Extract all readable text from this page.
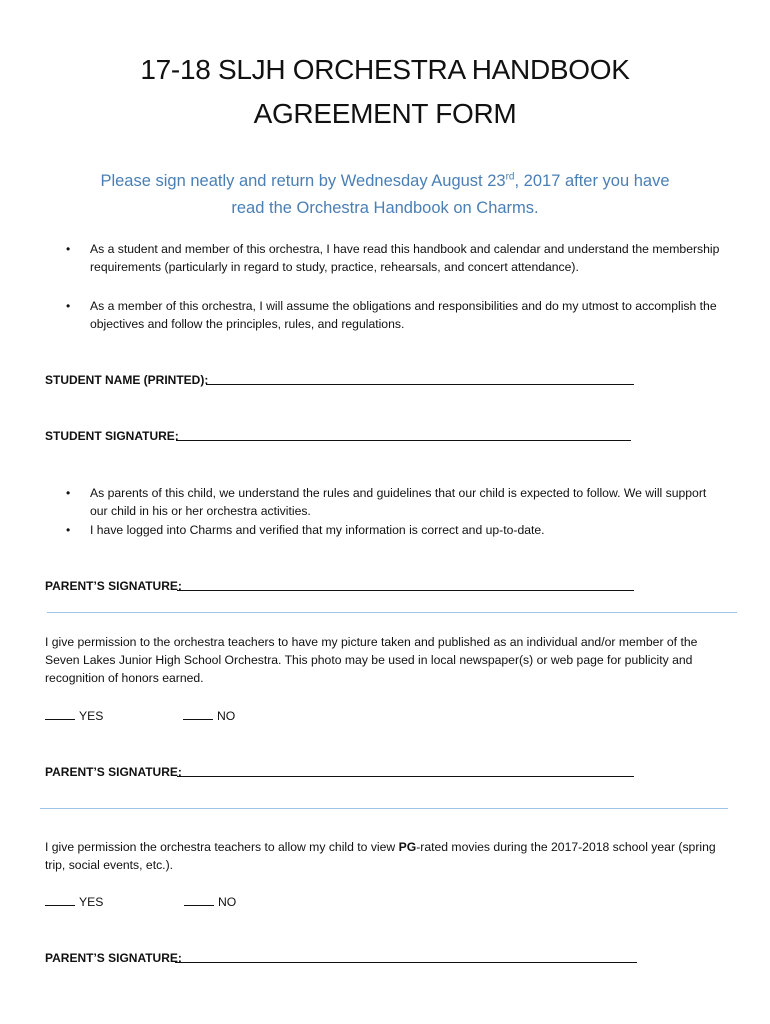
17-18 SLJH ORCHESTRA HANDBOOK
AGREEMENT FORM
Please sign neatly and return by Wednesday August 23rd, 2017 after you have
read the Orchestra Handbook on Charms.
• As a student and member of this orchestra, I have read this handbook and calendar and understand the membership requirements (particularly in regard to study, practice, rehearsals, and concert attendance).
• As a member of this orchestra, I will assume the obligations and responsibilities and do my utmost to accomplish the objectives and follow the principles, rules, and regulations.
STUDENT NAME (PRINTED):
STUDENT SIGNATURE:
• As parents of this child, we understand the rules and guidelines that our child is expected to follow. We will support our child in his or her orchestra activities.
• I have logged into Charms and verified that my information is correct and up-to-date.
PARENT’S SIGNATURE:
I give permission to the orchestra teachers to have my picture taken and published as an individual and/or member of the Seven Lakes Junior High School Orchestra. This photo may be used in local newspaper(s) or web page for publicity and recognition of honors earned.
YES	NO
PARENT’S SIGNATURE:
I give permission the orchestra teachers to allow my child to view PG-rated movies during the 2017-2018 school year (spring trip, social events, etc.).
YES	NO
PARENT’S SIGNATURE:
